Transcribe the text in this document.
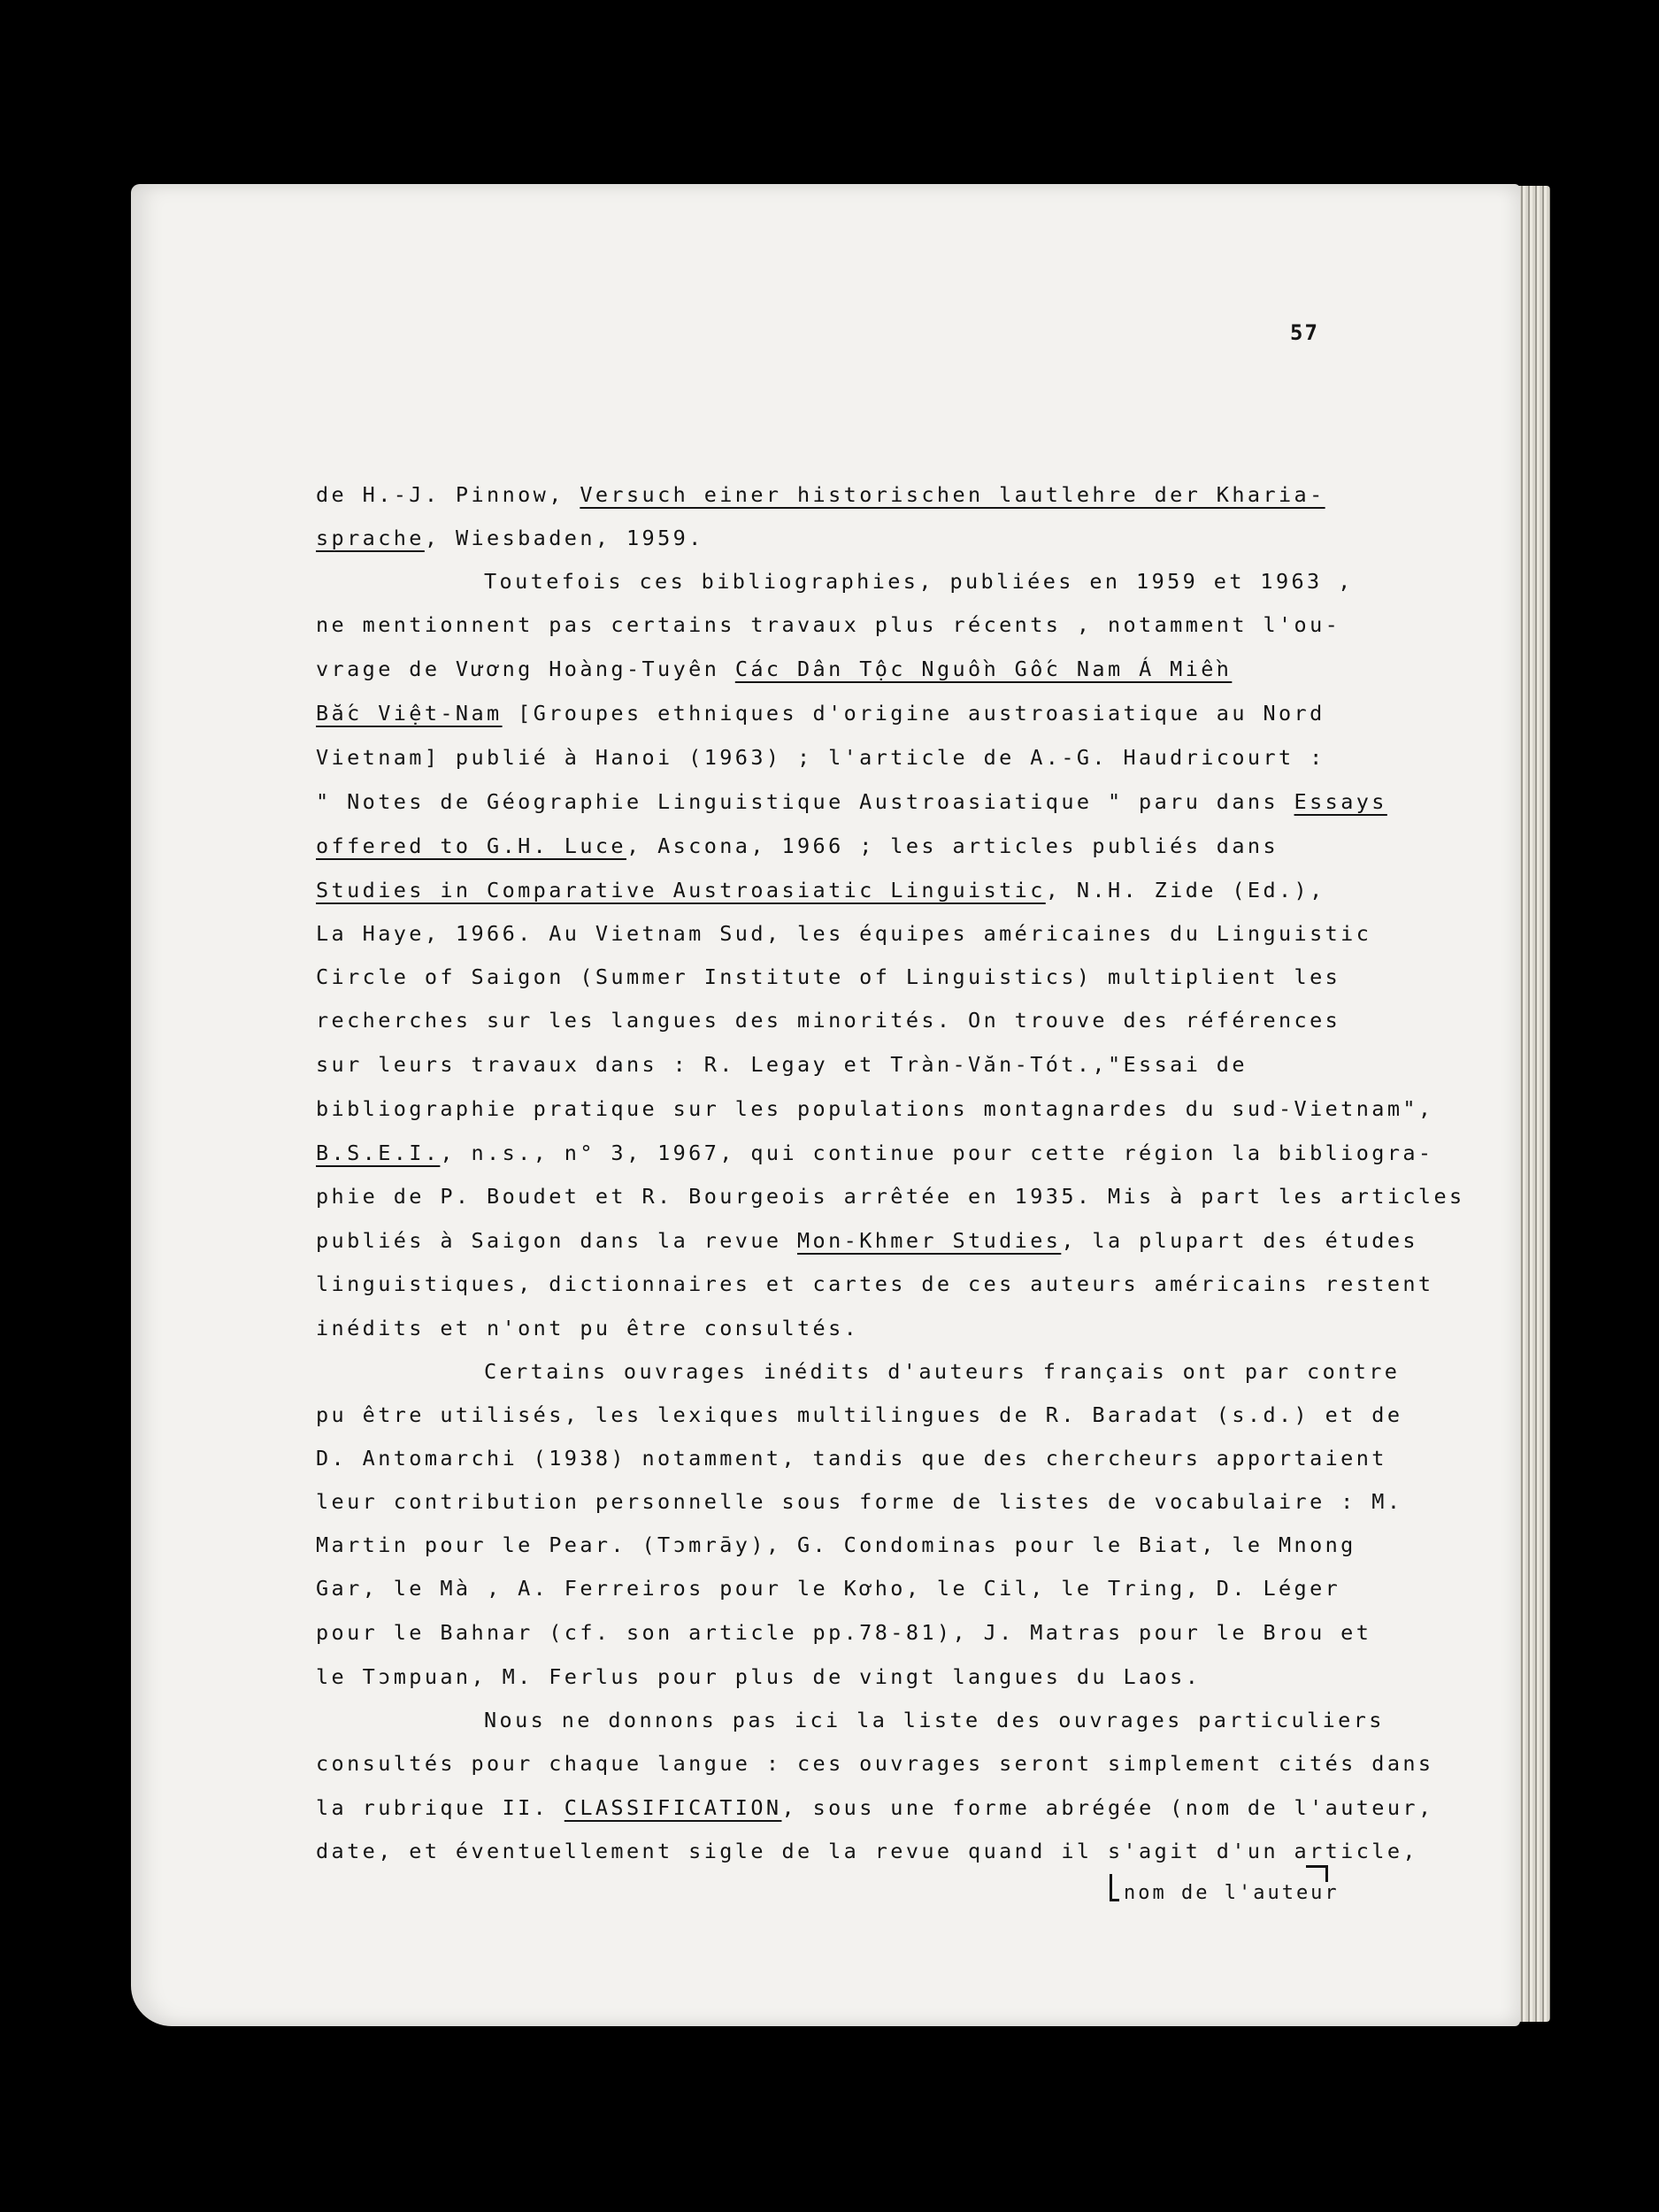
57
de H.-J. Pinnow, Versuch einer historischen lautlehre der Kharia-
sprache, Wiesbaden, 1959.
Toutefois ces bibliographies, publiées en 1959 et 1963 ,
ne mentionnent pas certains travaux plus récents , notamment l'ou-
vrage de Vương Hoàng-Tuyên Các Dân Tộc Nguồn Gốc Nam Á Miền
Bắc Việt-Nam [Groupes ethniques d'origine austroasiatique au Nord
Vietnam] publié à Hanoi (1963) ; l'article de A.-G. Haudricourt :
" Notes de Géographie Linguistique Austroasiatique " paru dans Essays
offered to G.H. Luce, Ascona, 1966 ; les articles publiés dans
Studies in Comparative Austroasiatic Linguistic, N.H. Zide (Ed.),
La Haye, 1966. Au Vietnam Sud, les équipes américaines du Linguistic
Circle of Saigon (Summer Institute of Linguistics) multiplient les
recherches sur les langues des minorités. On trouve des références
sur leurs travaux dans : R. Legay et Tràn-Văn-Tót.,"Essai de
bibliographie pratique sur les populations montagnardes du sud-Vietnam",
B.S.E.I., n.s., n° 3, 1967, qui continue pour cette région la bibliogra-
phie de P. Boudet et R. Bourgeois arrêtée en 1935. Mis à part les articles
publiés à Saigon dans la revue Mon-Khmer Studies, la plupart des études
linguistiques, dictionnaires et cartes de ces auteurs américains restent
inédits et n'ont pu être consultés.
Certains ouvrages inédits d'auteurs français ont par contre
pu être utilisés, les lexiques multilingues de R. Baradat (s.d.) et de
D. Antomarchi (1938) notamment, tandis que des chercheurs apportaient
leur contribution personnelle sous forme de listes de vocabulaire : M.
Martin pour le Pear. (Tɔmrāy), G. Condominas pour le Biat, le Mnong
Gar, le Mà , A. Ferreiros pour le Kơho, le Cil, le Tring, D. Léger
pour le Bahnar (cf. son article pp.78-81), J. Matras pour le Brou et
le Tɔmpuan, M. Ferlus pour plus de vingt langues du Laos.
Nous ne donnons pas ici la liste des ouvrages particuliers
consultés pour chaque langue : ces ouvrages seront simplement cités dans
la rubrique II. CLASSIFICATION, sous une forme abrégée (nom de l'auteur,
date, et éventuellement sigle de la revue quand il s'agit d'un article,
nom de l'auteur
